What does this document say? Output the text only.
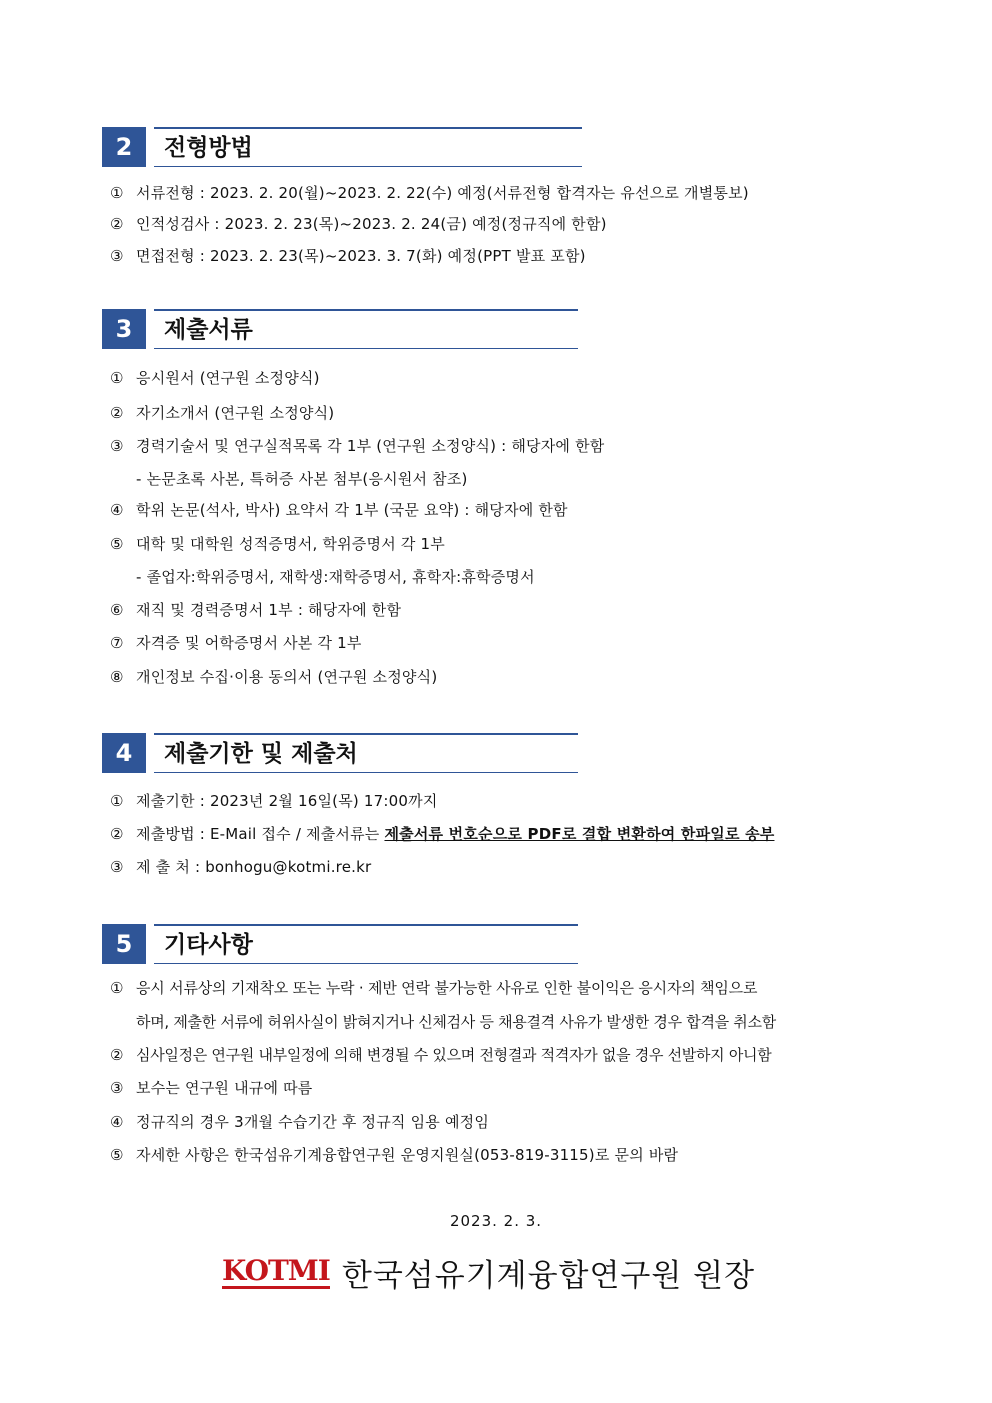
2	전형방법
① 서류전형 : 2023. 2. 20(월)~2023. 2. 22(수) 예정(서류전형 합격자는 유선으로 개별통보)
② 인적성검사 : 2023. 2. 23(목)~2023. 2. 24(금) 예정(정규직에 한함)
③ 면접전형 : 2023. 2. 23(목)~2023. 3. 7(화) 예정(PPT 발표 포함)
3	제출서류
① 응시원서 (연구원 소정양식)
② 자기소개서 (연구원 소정양식)
③ 경력기술서 및 연구실적목록 각 1부 (연구원 소정양식) : 해당자에 한함
- 논문초록 사본, 특허증 사본 첨부(응시원서 참조)
④ 학위 논문(석사, 박사) 요약서 각 1부 (국문 요약) : 해당자에 한함
⑤ 대학 및 대학원 성적증명서, 학위증명서 각 1부
- 졸업자:학위증명서, 재학생:재학증명서, 휴학자:휴학증명서
⑥ 재직 및 경력증명서 1부 : 해당자에 한함
⑦ 자격증 및 어학증명서 사본 각 1부
⑧ 개인정보 수집·이용 동의서 (연구원 소정양식)
4	제출기한 및 제출처
① 제출기한 : 2023년 2월 16일(목) 17:00까지
② 제출방법 : E-Mail 접수 / 제출서류는 제출서류 번호순으로 PDF로 결합 변환하여 한파일로 송부
③ 제 출 처 : bonhogu@kotmi.re.kr
5	기타사항
① 응시 서류상의 기재착오 또는 누락 · 제반 연락 불가능한 사유로 인한 불이익은 응시자의 책임으로
하며, 제출한 서류에 허위사실이 밝혀지거나 신체검사 등 채용결격 사유가 발생한 경우 합격을 취소함
② 심사일정은 연구원 내부일정에 의해 변경될 수 있으며 전형결과 적격자가 없을 경우 선발하지 아니함
③ 보수는 연구원 내규에 따름
④ 정규직의 경우 3개월 수습기간 후 정규직 임용 예정임
⑤ 자세한 사항은 한국섬유기계융합연구원 운영지원실(053-819-3115)로 문의 바람
2023. 2. 3.
KOTMI 한국섬유기계융합연구원 원장
